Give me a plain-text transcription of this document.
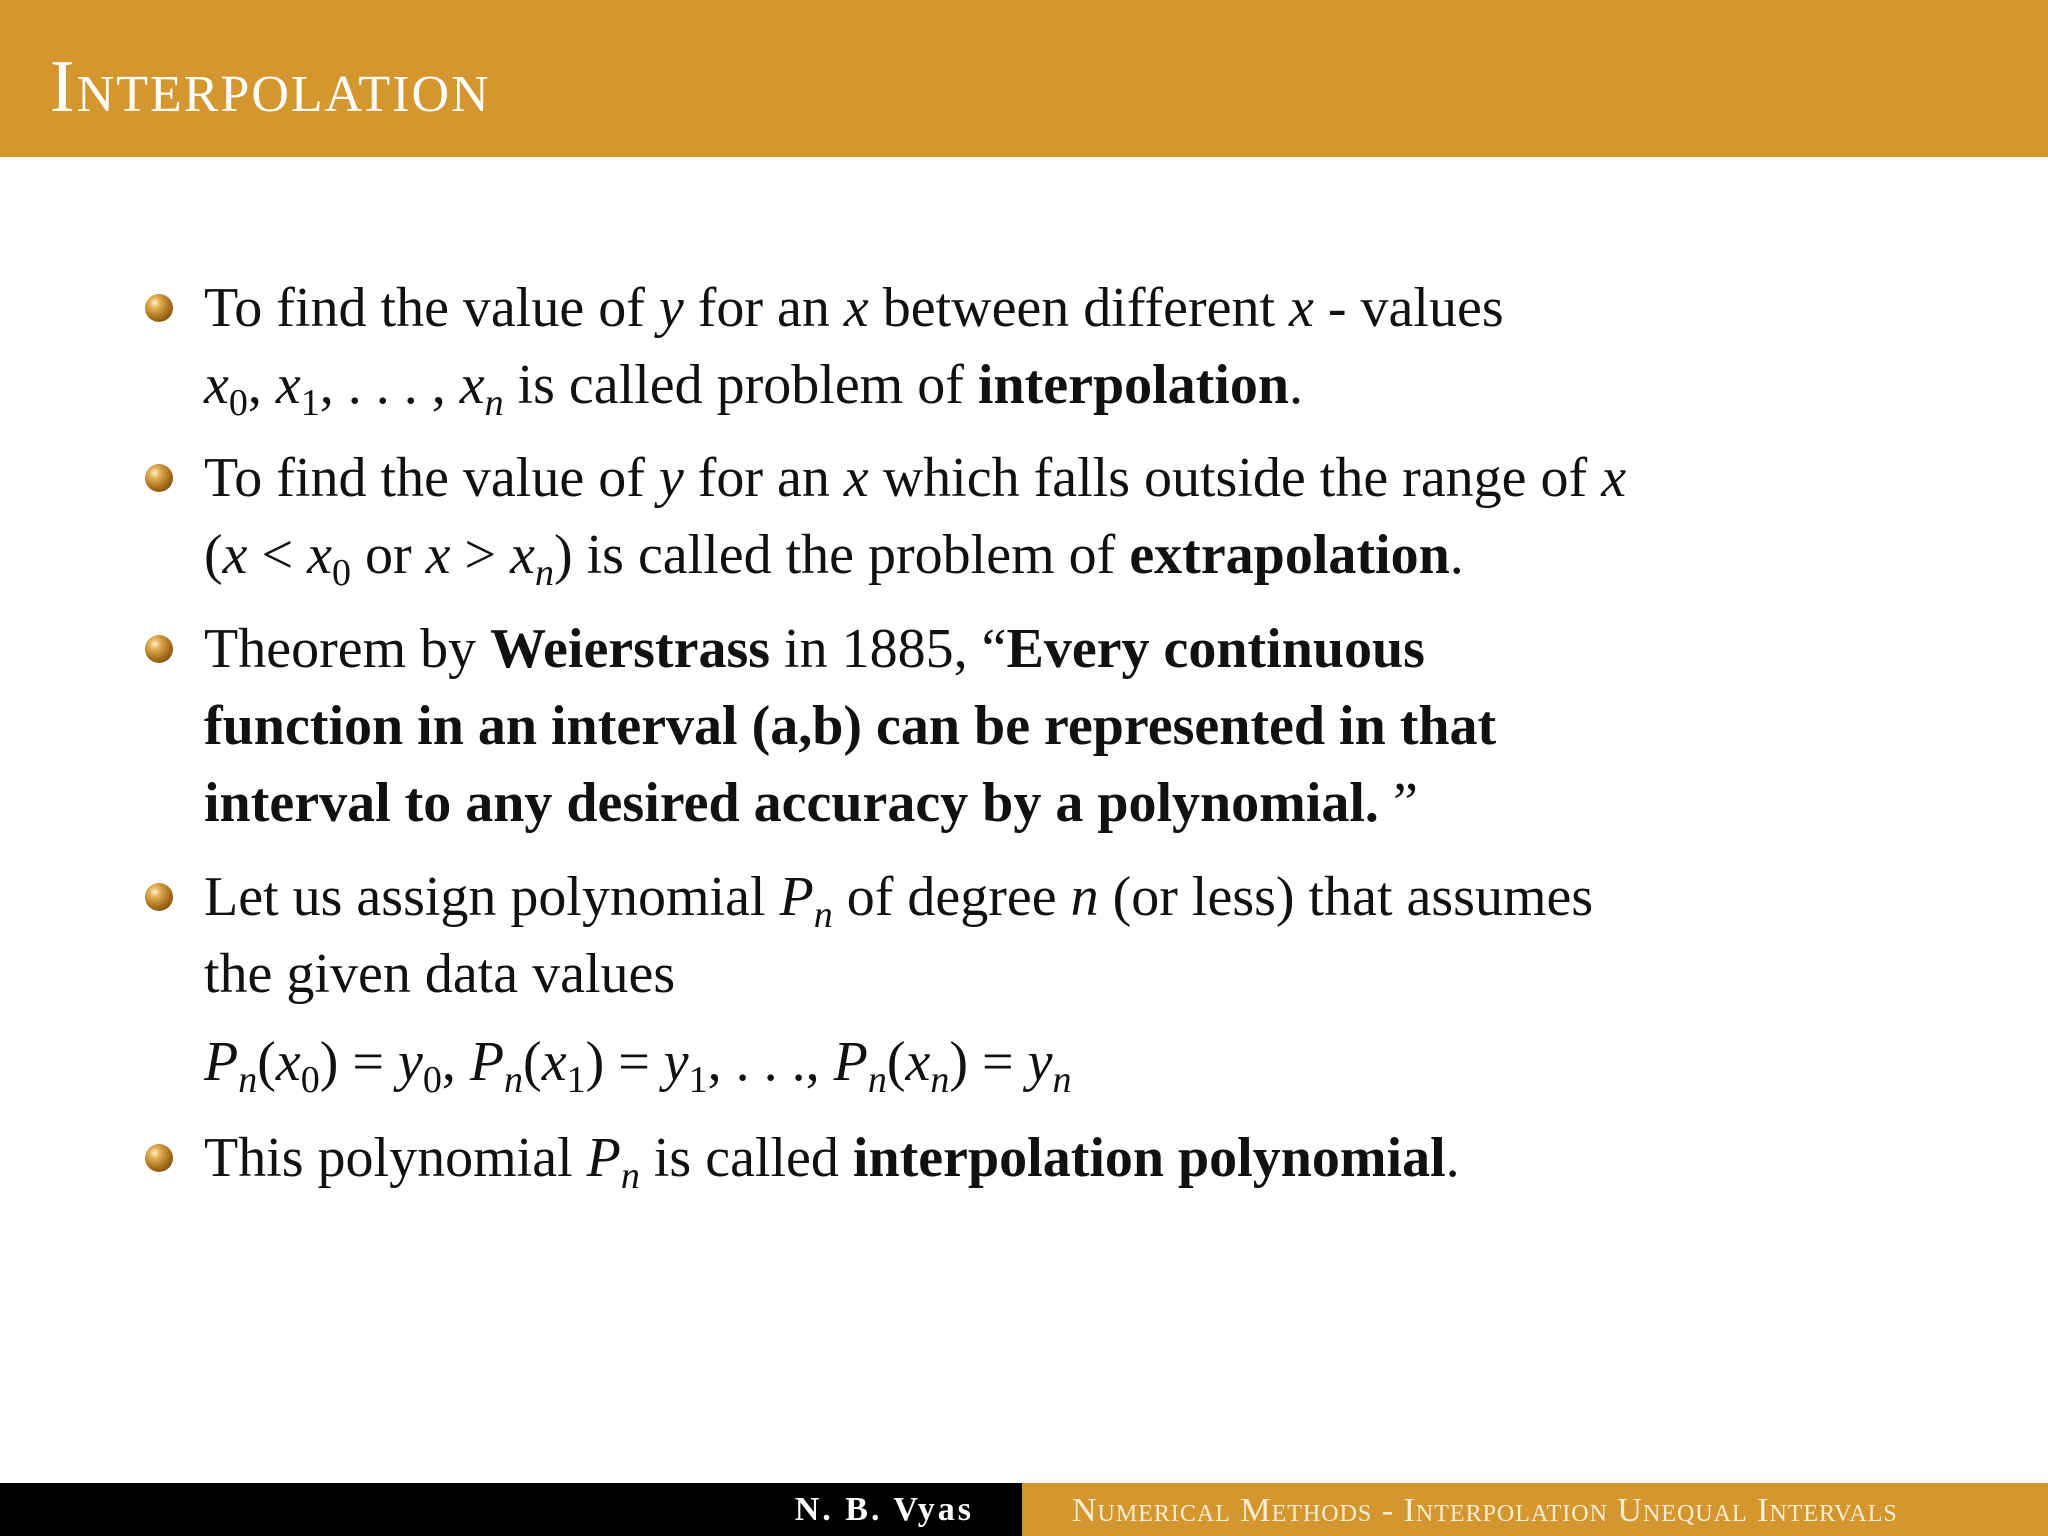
Interpolation
To find the value of y for an x between different x - values
$x_0$, $x_1$, . . . , $x_n$ is called problem of interpolation.
To find the value of y for an x which falls outside the range of x
($x < x_0$ or $x > x_n$) is called the problem of extrapolation.
Theorem by Weierstrass in 1885, “Every continuous
function in an interval (a,b) can be represented in that
interval to any desired accuracy by a polynomial. ”
Let us assign polynomial $P_n$ of degree n (or less) that assumes
the given data values
$P_n(x_0) = y_0$, $P_n(x_1) = y_1$, . . ., $P_n(x_n) = y_n$
This polynomial $P_n$ is called interpolation polynomial.
N. B. Vyas	Numerical Methods - Interpolation Unequal Intervals
